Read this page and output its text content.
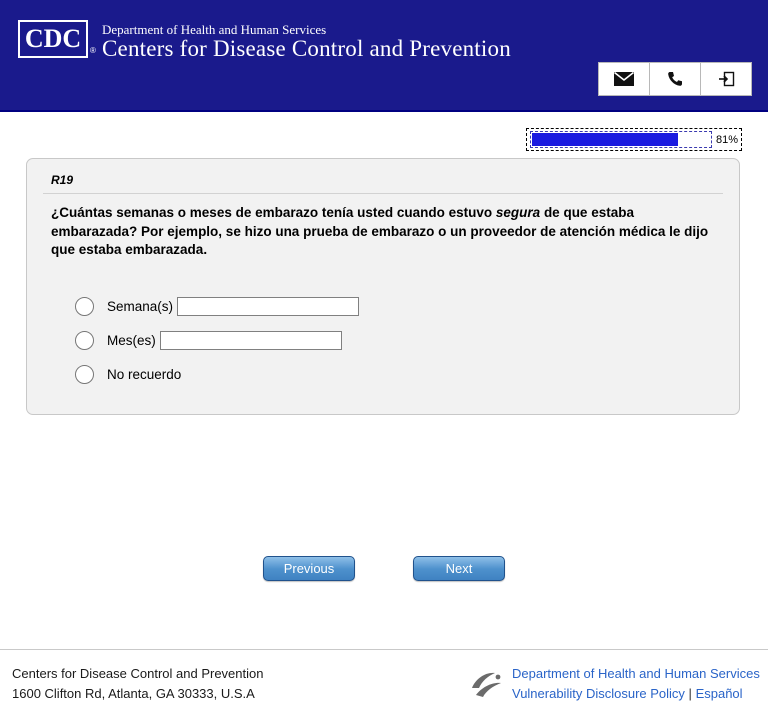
CDC ®
Department of Health and Human Services
Centers for Disease Control and Prevention
81%
R19
¿Cuántas semanas o meses de embarazo tenía usted cuando estuvo segura de que estaba embarazada? Por ejemplo, se hizo una prueba de embarazo o un proveedor de atención médica le dijo que estaba embarazada.
Semana(s)
Mes(es)
No recuerdo
Previous	Next
Centers for Disease Control and Prevention
1600 Clifton Rd, Atlanta, GA 30333, U.S.A
Department of Health and Human Services
Vulnerability Disclosure Policy | Español
